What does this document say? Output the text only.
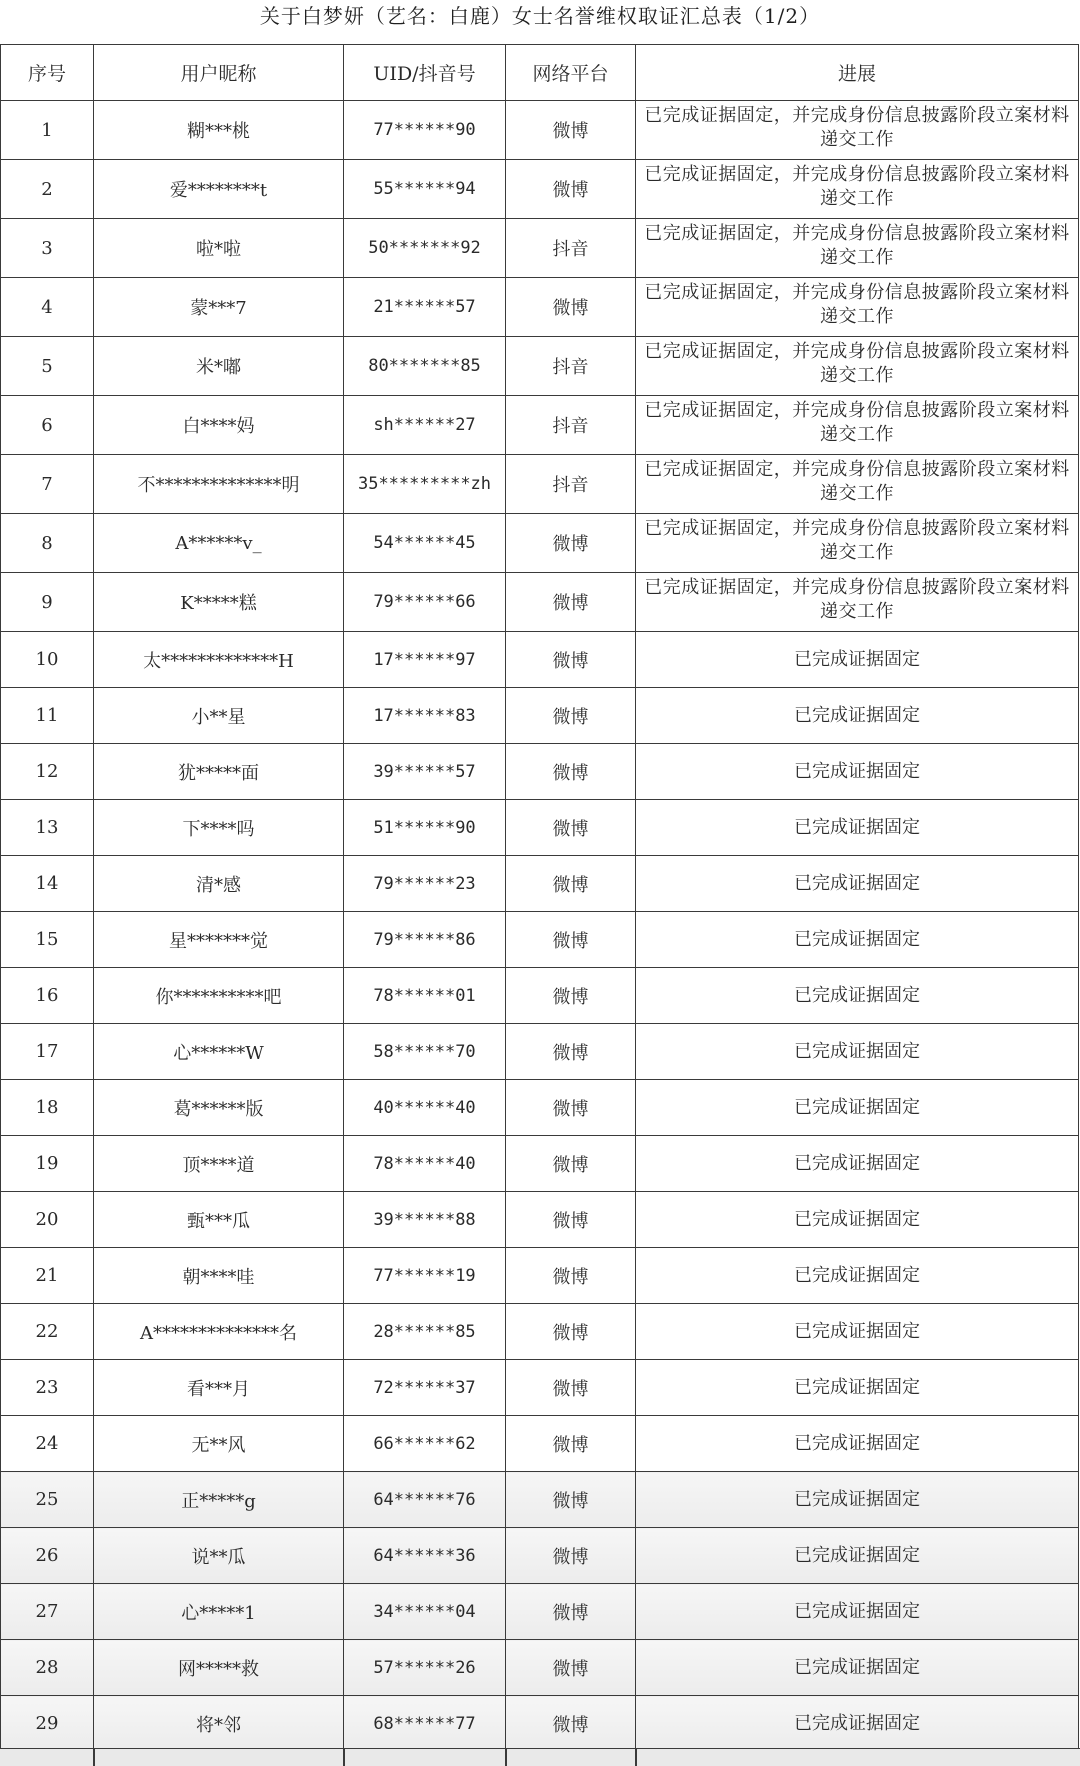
关于白梦妍（艺名：白鹿）女士名誉维权取证汇总表（1/2）
序号	用户昵称	UID/抖音号	网络平台	进展
1	糊***桃	77******90	微博	已完成证据固定，并完成身份信息披露阶段立案材料递交工作
2	爱********t	55******94	微博	已完成证据固定，并完成身份信息披露阶段立案材料递交工作
3	啦*啦	50*******92	抖音	已完成证据固定，并完成身份信息披露阶段立案材料递交工作
4	蒙***7	21******57	微博	已完成证据固定，并完成身份信息披露阶段立案材料递交工作
5	米*嘟	80*******85	抖音	已完成证据固定，并完成身份信息披露阶段立案材料递交工作
6	白****妈	sh******27	抖音	已完成证据固定，并完成身份信息披露阶段立案材料递交工作
7	不**************明	35*********zh	抖音	已完成证据固定，并完成身份信息披露阶段立案材料递交工作
8	A******v_	54******45	微博	已完成证据固定，并完成身份信息披露阶段立案材料递交工作
9	K*****糕	79******66	微博	已完成证据固定，并完成身份信息披露阶段立案材料递交工作
10	太*************H	17******97	微博	已完成证据固定
11	小**星	17******83	微博	已完成证据固定
12	犹*****面	39******57	微博	已完成证据固定
13	下****吗	51******90	微博	已完成证据固定
14	清*感	79******23	微博	已完成证据固定
15	星*******觉	79******86	微博	已完成证据固定
16	你**********吧	78******01	微博	已完成证据固定
17	心******W	58******70	微博	已完成证据固定
18	葛******版	40******40	微博	已完成证据固定
19	顶****道	78******40	微博	已完成证据固定
20	甄***瓜	39******88	微博	已完成证据固定
21	朝****哇	77******19	微博	已完成证据固定
22	A**************名	28******85	微博	已完成证据固定
23	看***月	72******37	微博	已完成证据固定
24	无**风	66******62	微博	已完成证据固定
25	正*****g	64******76	微博	已完成证据固定
26	说**瓜	64******36	微博	已完成证据固定
27	心*****1	34******04	微博	已完成证据固定
28	网*****救	57******26	微博	已完成证据固定
29	将*邻	68******77	微博	已完成证据固定
